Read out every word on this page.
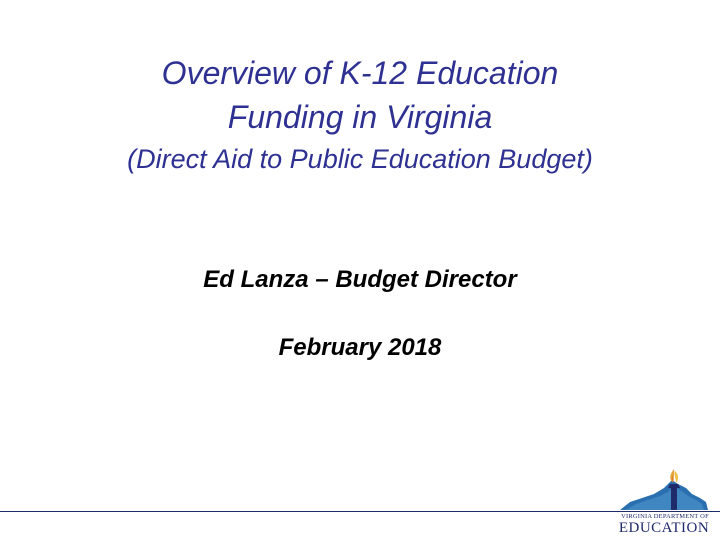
Overview of K-12 Education
Funding in Virginia
(Direct Aid to Public Education Budget)
Ed Lanza – Budget Director
February 2018
VIRGINIA DEPARTMENT OF
EDUCATION
